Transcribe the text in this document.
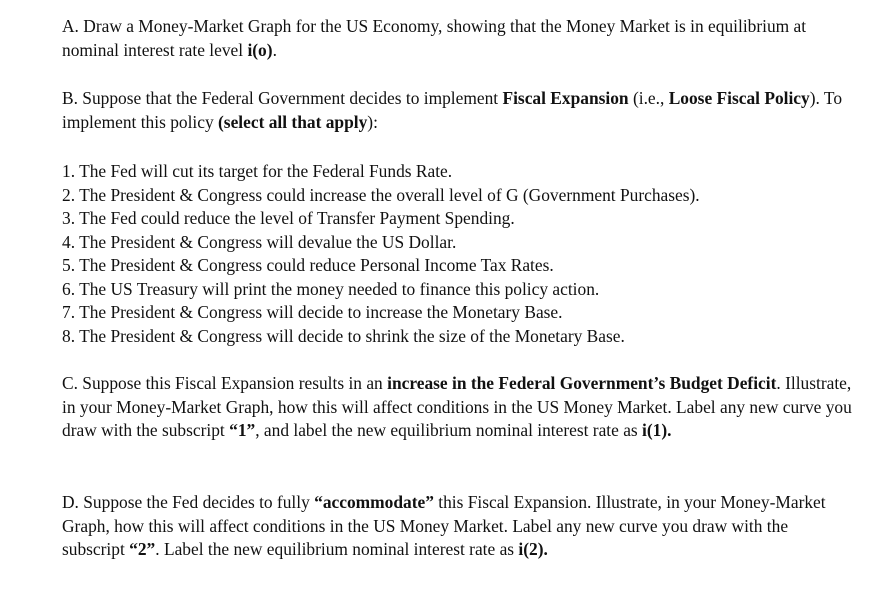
A. Draw a Money-Market Graph for the US Economy, showing that the Money Market is in equilibrium at nominal interest rate level i(o).

B. Suppose that the Federal Government decides to implement Fiscal Expansion (i.e., Loose Fiscal Policy). To implement this policy (select all that apply):

1. The Fed will cut its target for the Federal Funds Rate.
2. The President & Congress could increase the overall level of G (Government Purchases).
3. The Fed could reduce the level of Transfer Payment Spending.
4. The President & Congress will devalue the US Dollar.
5. The President & Congress could reduce Personal Income Tax Rates.
6. The US Treasury will print the money needed to finance this policy action.
7. The President & Congress will decide to increase the Monetary Base.
8. The President & Congress will decide to shrink the size of the Monetary Base.

C. Suppose this Fiscal Expansion results in an increase in the Federal Government’s Budget Deficit. Illustrate, in your Money-Market Graph, how this will affect conditions in the US Money Market. Label any new curve you draw with the subscript “1”, and label the new equilibrium nominal interest rate as i(1).

D. Suppose the Fed decides to fully “accommodate” this Fiscal Expansion. Illustrate, in your Money-Market Graph, how this will affect conditions in the US Money Market. Label any new curve you draw with the subscript “2”. Label the new equilibrium nominal interest rate as i(2).
